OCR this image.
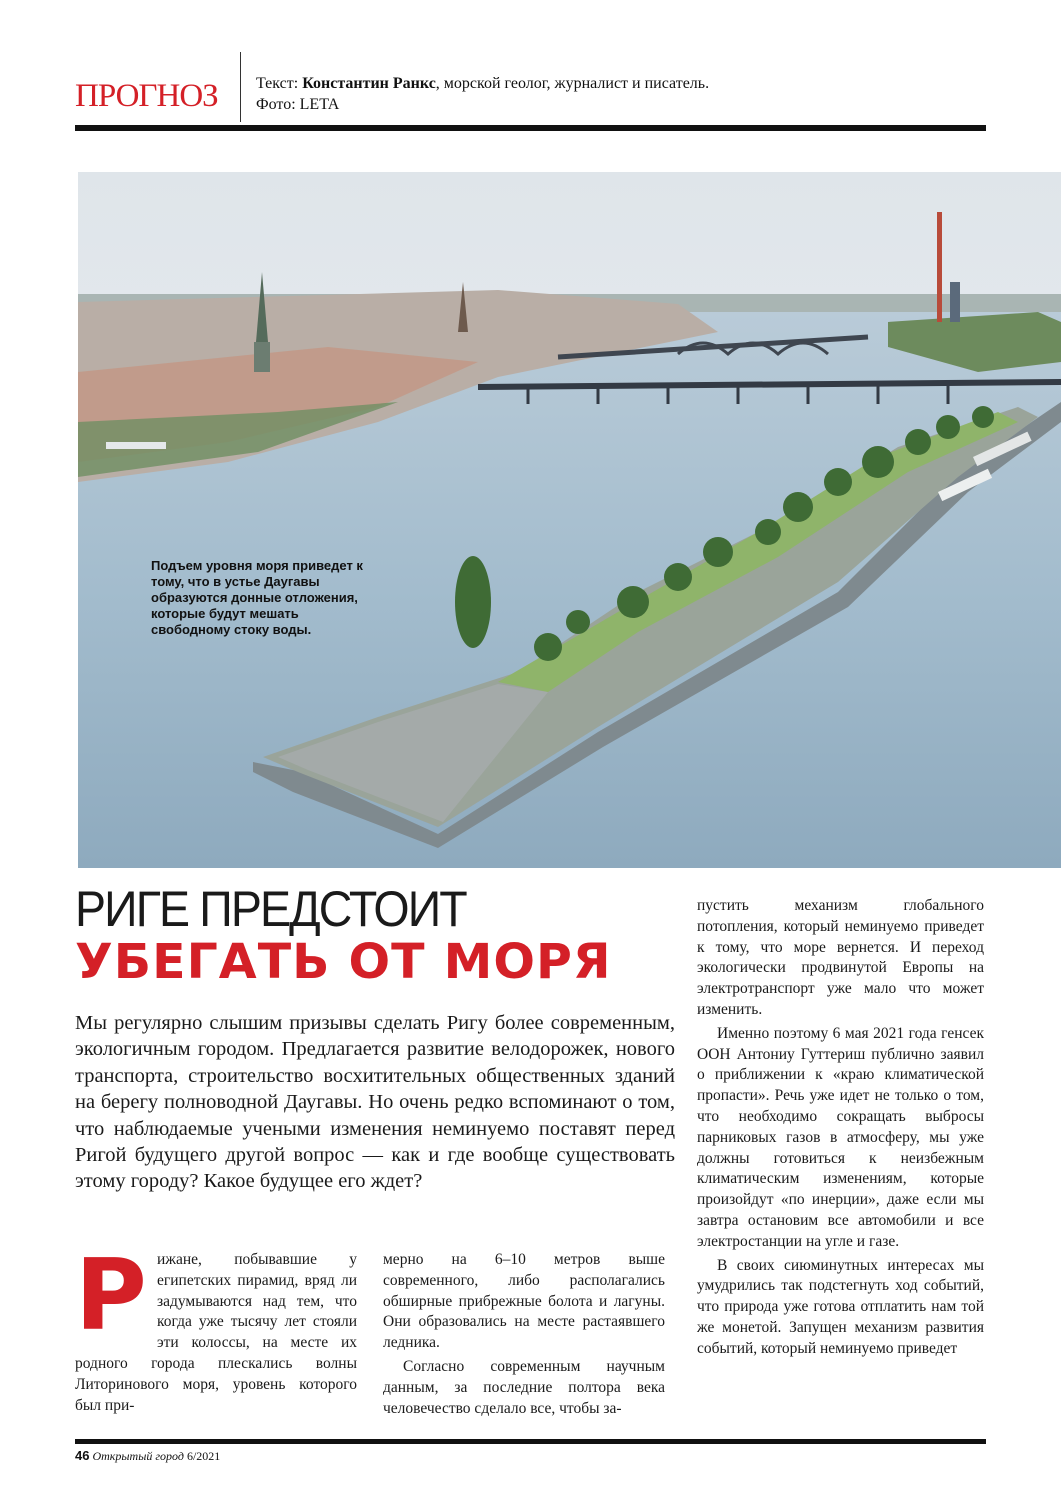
ПРОГНОЗ Текст: Константин Ранкс, морской геолог, журналист и писатель.
Фото: LETA
Подъем уровня моря приведет к тому, что в устье Даугавы образуются донные отложения, которые будут мешать свободному стоку воды.
РИГЕ ПРЕДСТОИТ
УБЕГАТЬ ОТ МОРЯ
Мы регулярно слышим призывы сделать Ригу более современным, экологичным городом. Предлагается развитие велодорожек, нового транспорта, строительство восхитительных общественных зданий на берегу полноводной Даугавы. Но очень редко вспоминают о том, что наблюдаемые учеными изменения неминуемо поставят перед Ригой будущего другой вопрос — как и где вообще существовать этому городу? Какое будущее его ждет?
Рижане, побывавшие у египетских пирамид, вряд ли задумываются над тем, что когда уже тысячу лет стояли эти колоссы, на месте их родного города плескались волны Литоринового моря, уровень которого был при-

мерно на 6–10 метров выше современного, либо располагались обширные прибрежные болота и лагуны. Они образовались на месте растаявшего ледника.

Согласно современным научным данным, за последние полтора века человечество сделало все, чтобы за-

пустить механизм глобального потопления, который неминуемо приведет к тому, что море вернется. И переход экологически продвинутой Европы на электротранспорт уже мало что может изменить.

Именно поэтому 6 мая 2021 года генсек ООН Антониу Гуттериш публично заявил о приближении к «краю климатической пропасти». Речь уже идет не только о том, что необходимо сокращать выбросы парниковых газов в атмосферу, мы уже должны готовиться к неизбежным климатическим изменениям, которые произойдут «по инерции», даже если мы завтра остановим все автомобили и все электростанции на угле и газе.

В своих сиюминутных интересах мы умудрились так подстегнуть ход событий, что природа уже готова отплатить нам той же монетой. Запущен механизм развития событий, который неминуемо приведет

46 Открытый город 6/2021
